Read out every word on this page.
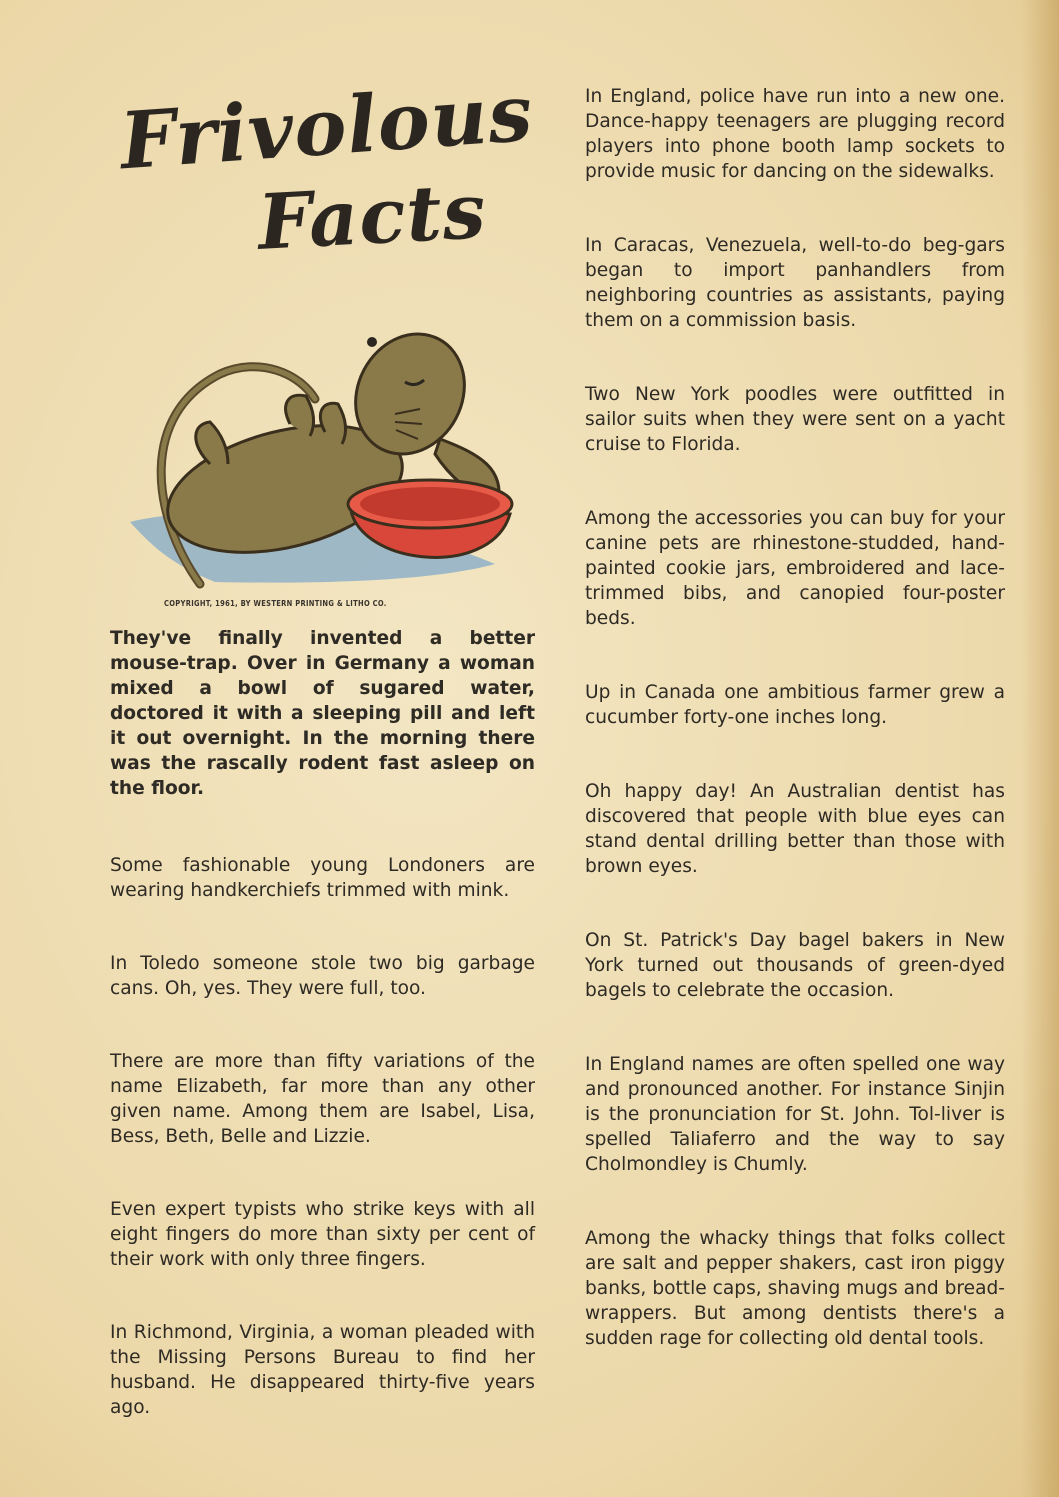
Frivolous
Facts
COPYRIGHT, 1961, BY WESTERN PRINTING & LITHO CO.

They've finally invented a better mouse-trap. Over in Germany a woman mixed a bowl of sugared water, doctored it with a sleeping pill and left it out overnight. In the morning there was the rascally rodent fast asleep on the floor.

Some fashionable young Londoners are wearing handkerchiefs trimmed with mink.

In Toledo someone stole two big garbage cans. Oh, yes. They were full, too.

There are more than fifty variations of the name Elizabeth, far more than any other given name. Among them are Isabel, Lisa, Bess, Beth, Belle and Lizzie.

Even expert typists who strike keys with all eight fingers do more than sixty per cent of their work with only three fingers.

In Richmond, Virginia, a woman pleaded with the Missing Persons Bureau to find her husband. He disappeared thirty-five years ago.

In England, police have run into a new one. Dance-happy teenagers are plugging record players into phone booth lamp sockets to provide music for dancing on the sidewalks.

In Caracas, Venezuela, well-to-do beg-gars began to import panhandlers from neighboring countries as assistants, paying them on a commission basis.

Two New York poodles were outfitted in sailor suits when they were sent on a yacht cruise to Florida.

Among the accessories you can buy for your canine pets are rhinestone-studded, hand-painted cookie jars, embroidered and lace-trimmed bibs, and canopied four-poster beds.

Up in Canada one ambitious farmer grew a cucumber forty-one inches long.

Oh happy day! An Australian dentist has discovered that people with blue eyes can stand dental drilling better than those with brown eyes.

On St. Patrick's Day bagel bakers in New York turned out thousands of green-dyed bagels to celebrate the occasion.

In England names are often spelled one way and pronounced another. For instance Sinjin is the pronunciation for St. John. Tol-liver is spelled Taliaferro and the way to say Cholmondley is Chumly.

Among the whacky things that folks collect are salt and pepper shakers, cast iron piggy banks, bottle caps, shaving mugs and bread-wrappers. But among dentists there's a sudden rage for collecting old dental tools.
